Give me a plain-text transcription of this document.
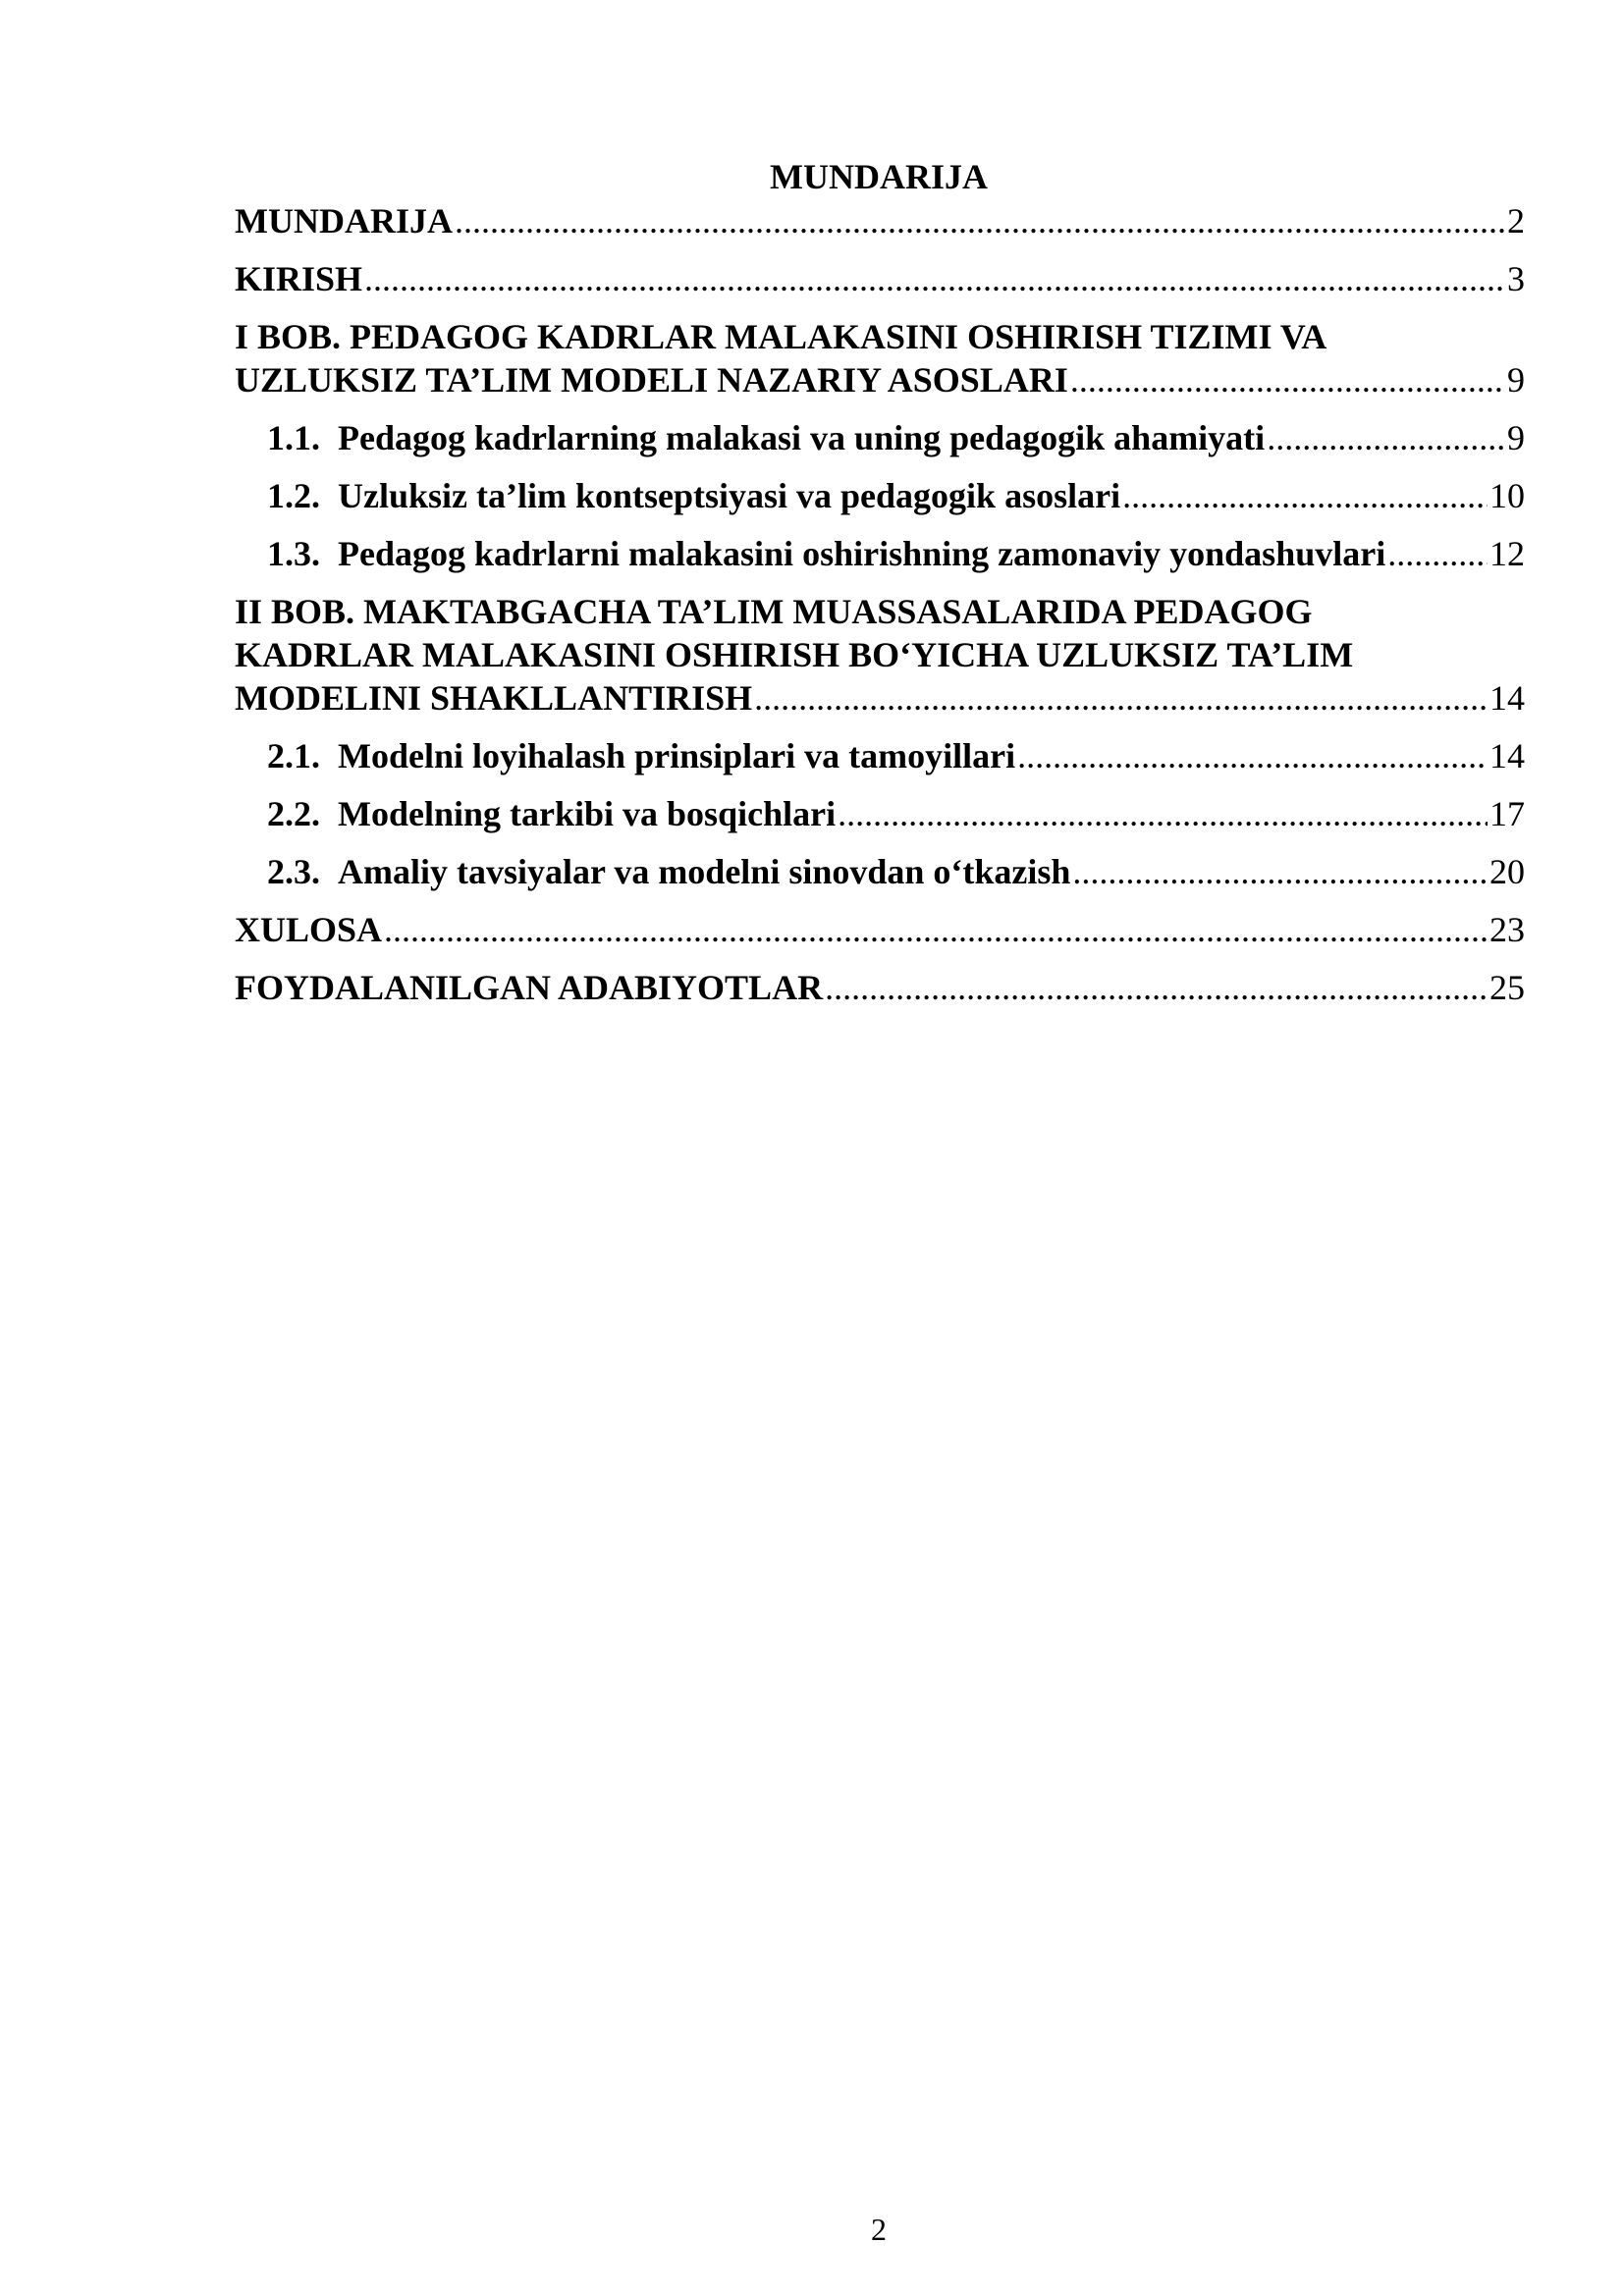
MUNDARIJA
MUNDARIJA .....	2
KIRISH .....	3
I BOB. PEDAGOG KADRLAR MALAKASINI OSHIRISH TIZIMI VA
UZLUKSIZ TA’LIM MODELI NAZARIY ASOSLARI .....	9
1.1. Pedagog kadrlarning malakasi va uning pedagogik ahamiyati .....	9
1.2. Uzluksiz ta’lim kontseptsiyasi va pedagogik asoslari .....	10
1.3. Pedagog kadrlarni malakasini oshirishning zamonaviy yondashuvlari .....	12
II BOB. MAKTABGACHA TA’LIM MUASSASALARIDA PEDAGOG
KADRLAR MALAKASINI OSHIRISH BO‘YICHA UZLUKSIZ TA’LIM
MODELINI SHAKLLANTIRISH .....	14
2.1. Modelni loyihalash prinsiplari va tamoyillari .....	14
2.2. Modelning tarkibi va bosqichlari .....	17
2.3. Amaliy tavsiyalar va modelni sinovdan o‘tkazish .....	20
XULOSA .....	23
FOYDALANILGAN ADABIYOTLAR .....	25
2
